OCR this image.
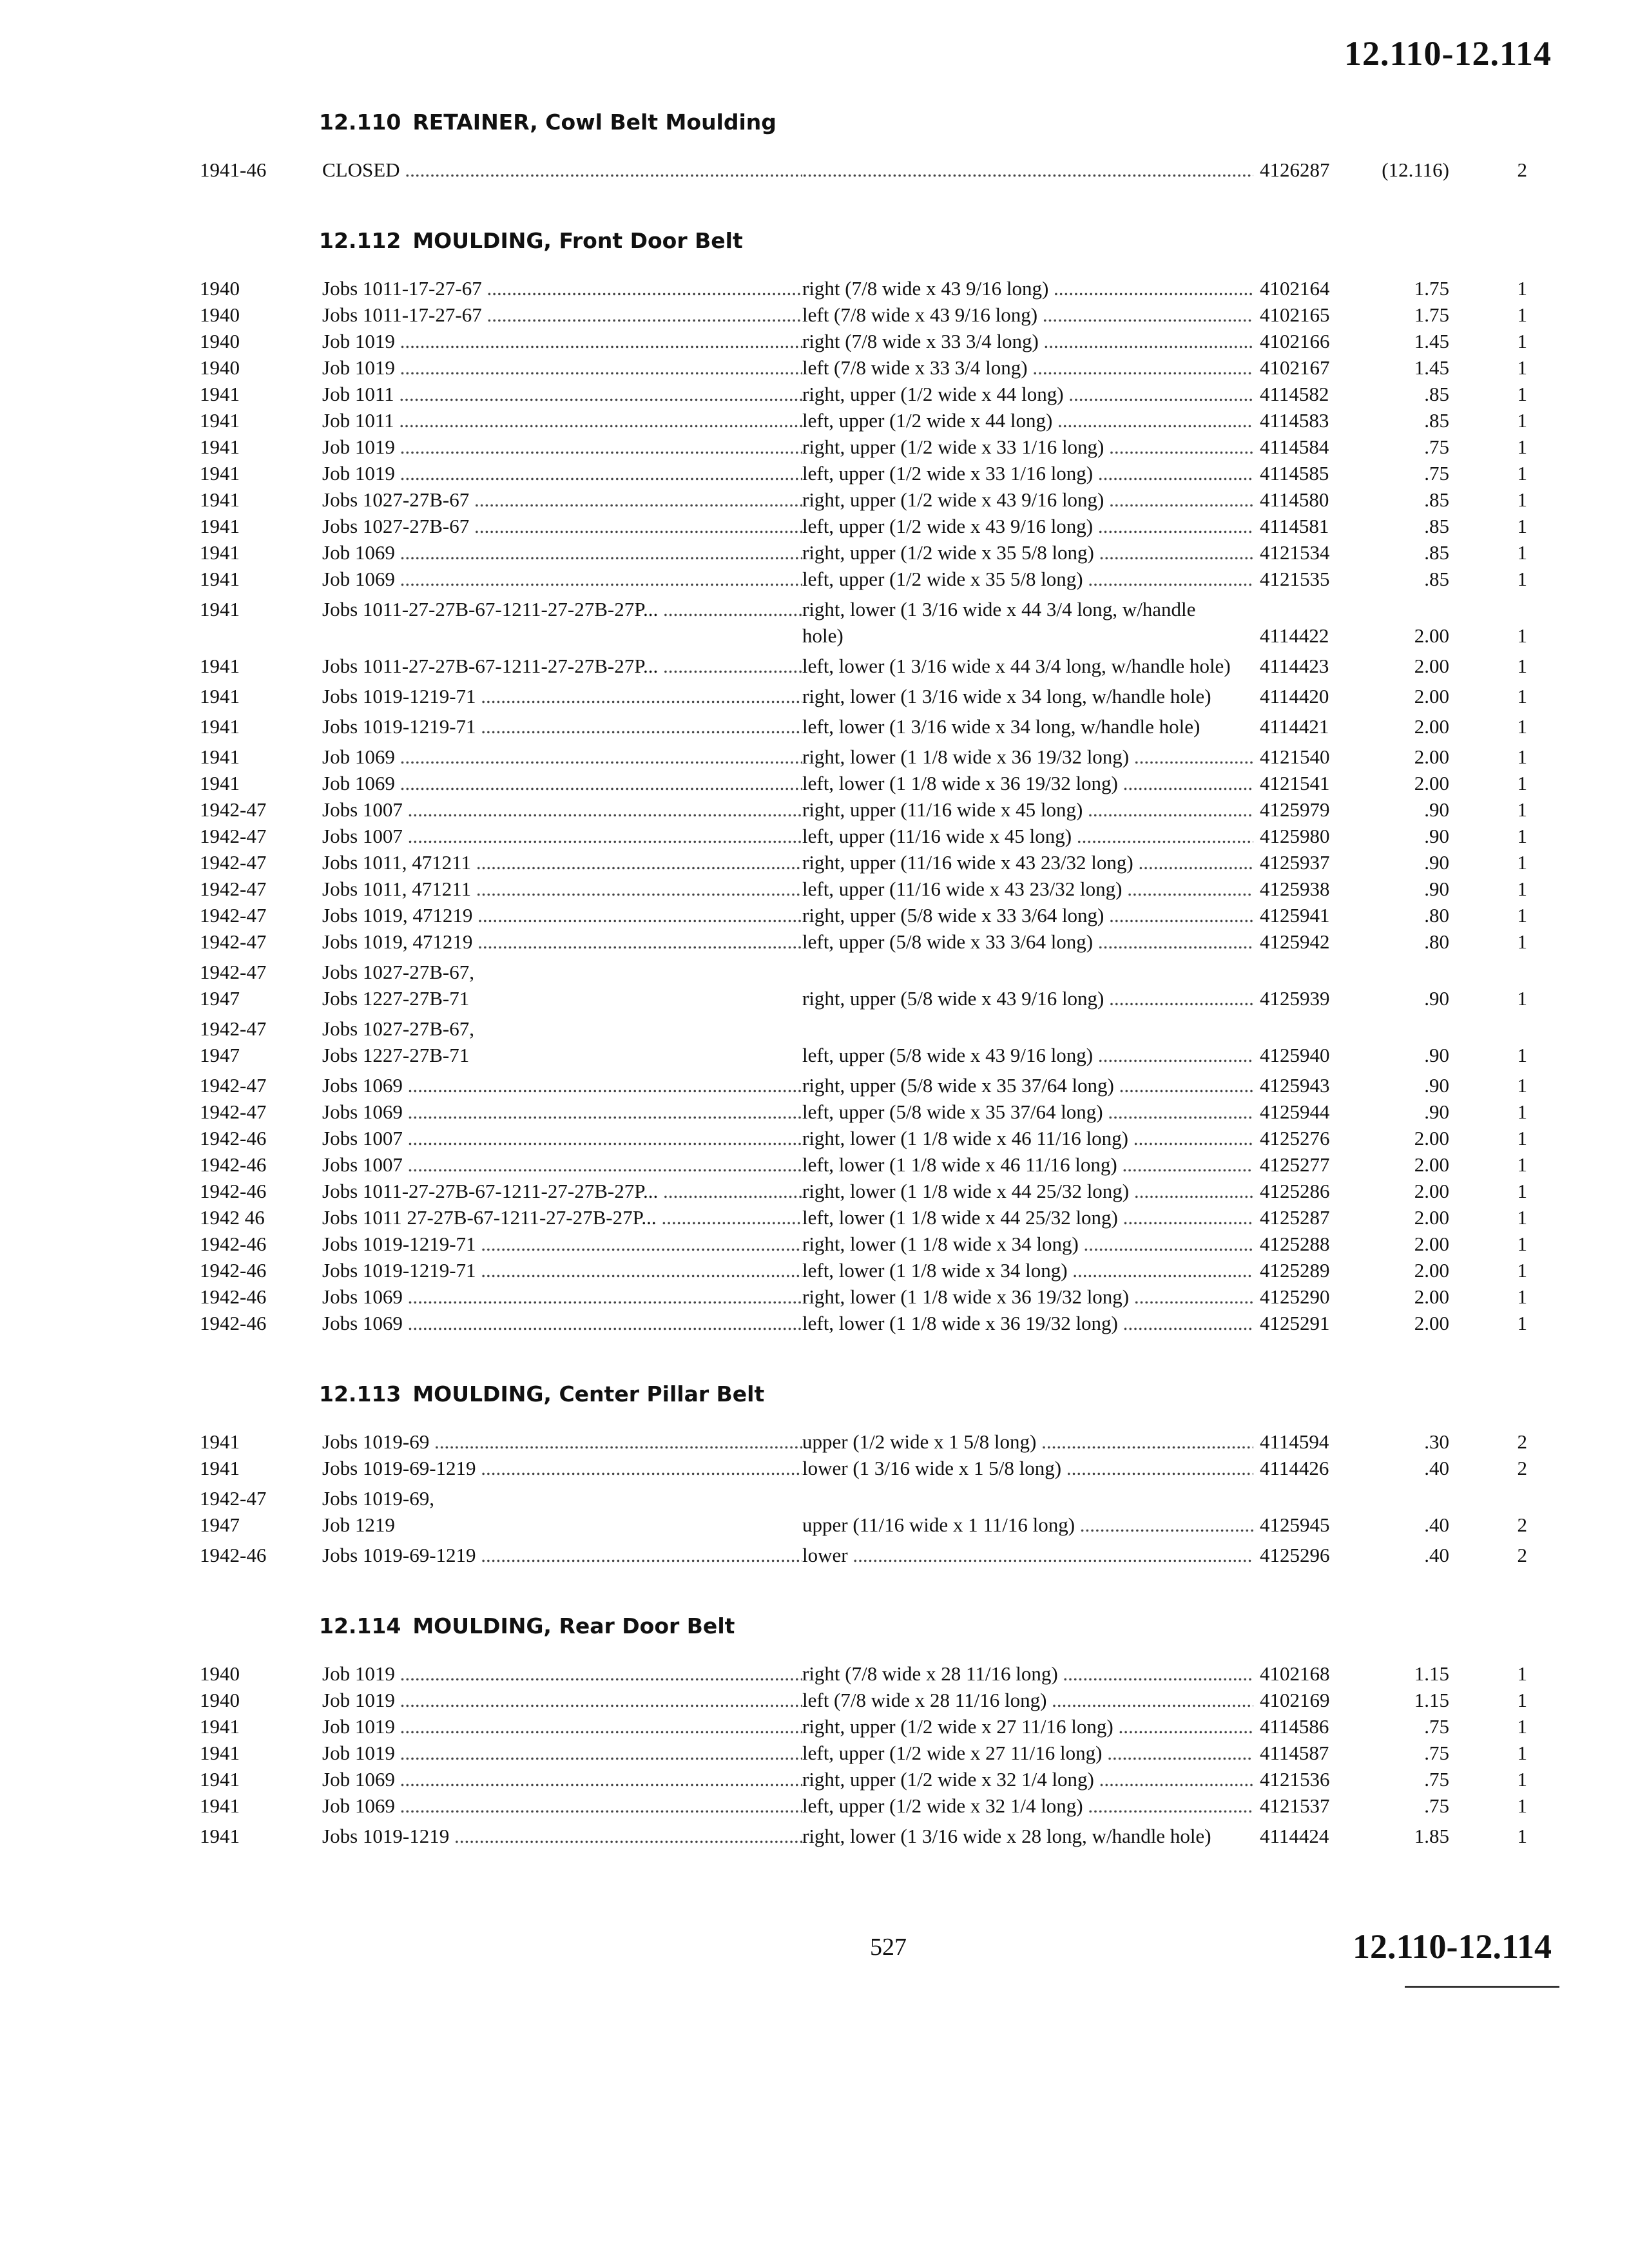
12.110-12.114
12.110 RETAINER, Cowl Belt Moulding
1941-46	CLOSED .....
.....	4126287	(12.116)	2
12.112 MOULDING, Front Door Belt
1940	Jobs 1011-17-27-67 .....	right (7/8 wide x 43 9/16 long) .....	4102164	1.75	1
1940	Jobs 1011-17-27-67 .....	left (7/8 wide x 43 9/16 long) .....	4102165	1.75	1
1940	Job 1019 .....	right (7/8 wide x 33 3/4 long) .....	4102166	1.45	1
1940	Job 1019 .....	left (7/8 wide x 33 3/4 long) .....	4102167	1.45	1
1941	Job 1011 .....	right, upper (1/2 wide x 44 long) .....	4114582	.85	1
1941	Job 1011 .....	left, upper (1/2 wide x 44 long) .....	4114583	.85	1
1941	Job 1019 .....	right, upper (1/2 wide x 33 1/16 long) .....	4114584	.75	1
1941	Job 1019 .....	left, upper (1/2 wide x 33 1/16 long) .....	4114585	.75	1
1941	Jobs 1027-27B-67 .....	right, upper (1/2 wide x 43 9/16 long) .....	4114580	.85	1
1941	Jobs 1027-27B-67 .....	left, upper (1/2 wide x 43 9/16 long) .....	4114581	.85	1
1941	Job 1069 .....	right, upper (1/2 wide x 35 5/8 long) .....	4121534	.85	1
1941	Job 1069 .....	left, upper (1/2 wide x 35 5/8 long) .....	4121535	.85	1
1941	Jobs 1011-27-27B-67-1211-27-27B-27P... .....	right, lower (1 3/16 wide x 44 3/4 long, w/handle hole)	4114422	2.00	1
1941	Jobs 1011-27-27B-67-1211-27-27B-27P... .....	left, lower (1 3/16 wide x 44 3/4 long, w/handle hole)	4114423	2.00	1
1941	Jobs 1019-1219-71 .....	right, lower (1 3/16 wide x 34 long, w/handle hole)	4114420	2.00	1
1941	Jobs 1019-1219-71 .....	left, lower (1 3/16 wide x 34 long, w/handle hole)	4114421	2.00	1
1941	Job 1069 .....	right, lower (1 1/8 wide x 36 19/32 long) .....	4121540	2.00	1
1941	Job 1069 .....	left, lower (1 1/8 wide x 36 19/32 long) .....	4121541	2.00	1
1942-47	Jobs 1007 .....	right, upper (11/16 wide x 45 long) .....	4125979	.90	1
1942-47	Jobs 1007 .....	left, upper (11/16 wide x 45 long) .....	4125980	.90	1
1942-47	Jobs 1011, 471211 .....	right, upper (11/16 wide x 43 23/32 long) .....	4125937	.90	1
1942-47	Jobs 1011, 471211 .....	left, upper (11/16 wide x 43 23/32 long) .....	4125938	.90	1
1942-47	Jobs 1019, 471219 .....	right, upper (5/8 wide x 33 3/64 long) .....	4125941	.80	1
1942-47	Jobs 1019, 471219 .....	left, upper (5/8 wide x 33 3/64 long) .....	4125942	.80	1
1942-47
1947
Jobs 1027-27B-67,
Jobs 1227-27B-71	right, upper (5/8 wide x 43 9/16 long) .....	4125939	.90	1
1942-47
1947
Jobs 1027-27B-67,
Jobs 1227-27B-71	left, upper (5/8 wide x 43 9/16 long) .....	4125940	.90	1
1942-47	Jobs 1069 .....	right, upper (5/8 wide x 35 37/64 long) .....	4125943	.90	1
1942-47	Jobs 1069 .....	left, upper (5/8 wide x 35 37/64 long) .....	4125944	.90	1
1942-46	Jobs 1007 .....	right, lower (1 1/8 wide x 46 11/16 long) .....	4125276	2.00	1
1942-46	Jobs 1007 .....	left, lower (1 1/8 wide x 46 11/16 long) .....	4125277	2.00	1
1942-46	Jobs 1011-27-27B-67-1211-27-27B-27P... .....	right, lower (1 1/8 wide x 44 25/32 long) .....	4125286	2.00	1
1942 46	Jobs 1011 27-27B-67-1211-27-27B-27P... .....	left, lower (1 1/8 wide x 44 25/32 long) .....	4125287	2.00	1
1942-46	Jobs 1019-1219-71 .....	right, lower (1 1/8 wide x 34 long) .....	4125288	2.00	1
1942-46	Jobs 1019-1219-71 .....	left, lower (1 1/8 wide x 34 long) .....	4125289	2.00	1
1942-46	Jobs 1069 .....	right, lower (1 1/8 wide x 36 19/32 long) .....	4125290	2.00	1
1942-46	Jobs 1069 .....	left, lower (1 1/8 wide x 36 19/32 long) .....	4125291	2.00	1
12.113 MOULDING, Center Pillar Belt
1941	Jobs 1019-69 .....	upper (1/2 wide x 1 5/8 long) .....	4114594	.30	2
1941	Jobs 1019-69-1219 .....	lower (1 3/16 wide x 1 5/8 long) .....	4114426	.40	2
1942-47
1947
Jobs 1019-69,
Job 1219	upper (11/16 wide x 1 11/16 long) .....	4125945	.40	2
1942-46	Jobs 1019-69-1219 .....	lower .....	4125296	.40	2
12.114 MOULDING, Rear Door Belt
1940	Job 1019 .....	right (7/8 wide x 28 11/16 long) .....	4102168	1.15	1
1940	Job 1019 .....	left (7/8 wide x 28 11/16 long) .....	4102169	1.15	1
1941	Job 1019 .....	right, upper (1/2 wide x 27 11/16 long) .....	4114586	.75	1
1941	Job 1019 .....	left, upper (1/2 wide x 27 11/16 long) .....	4114587	.75	1
1941	Job 1069 .....	right, upper (1/2 wide x 32 1/4 long) .....	4121536	.75	1
1941	Job 1069 .....	left, upper (1/2 wide x 32 1/4 long) .....	4121537	.75	1
1941	Jobs 1019-1219 .....	right, lower (1 3/16 wide x 28 long, w/handle hole)	4114424	1.85	1
527	12.110-12.114
